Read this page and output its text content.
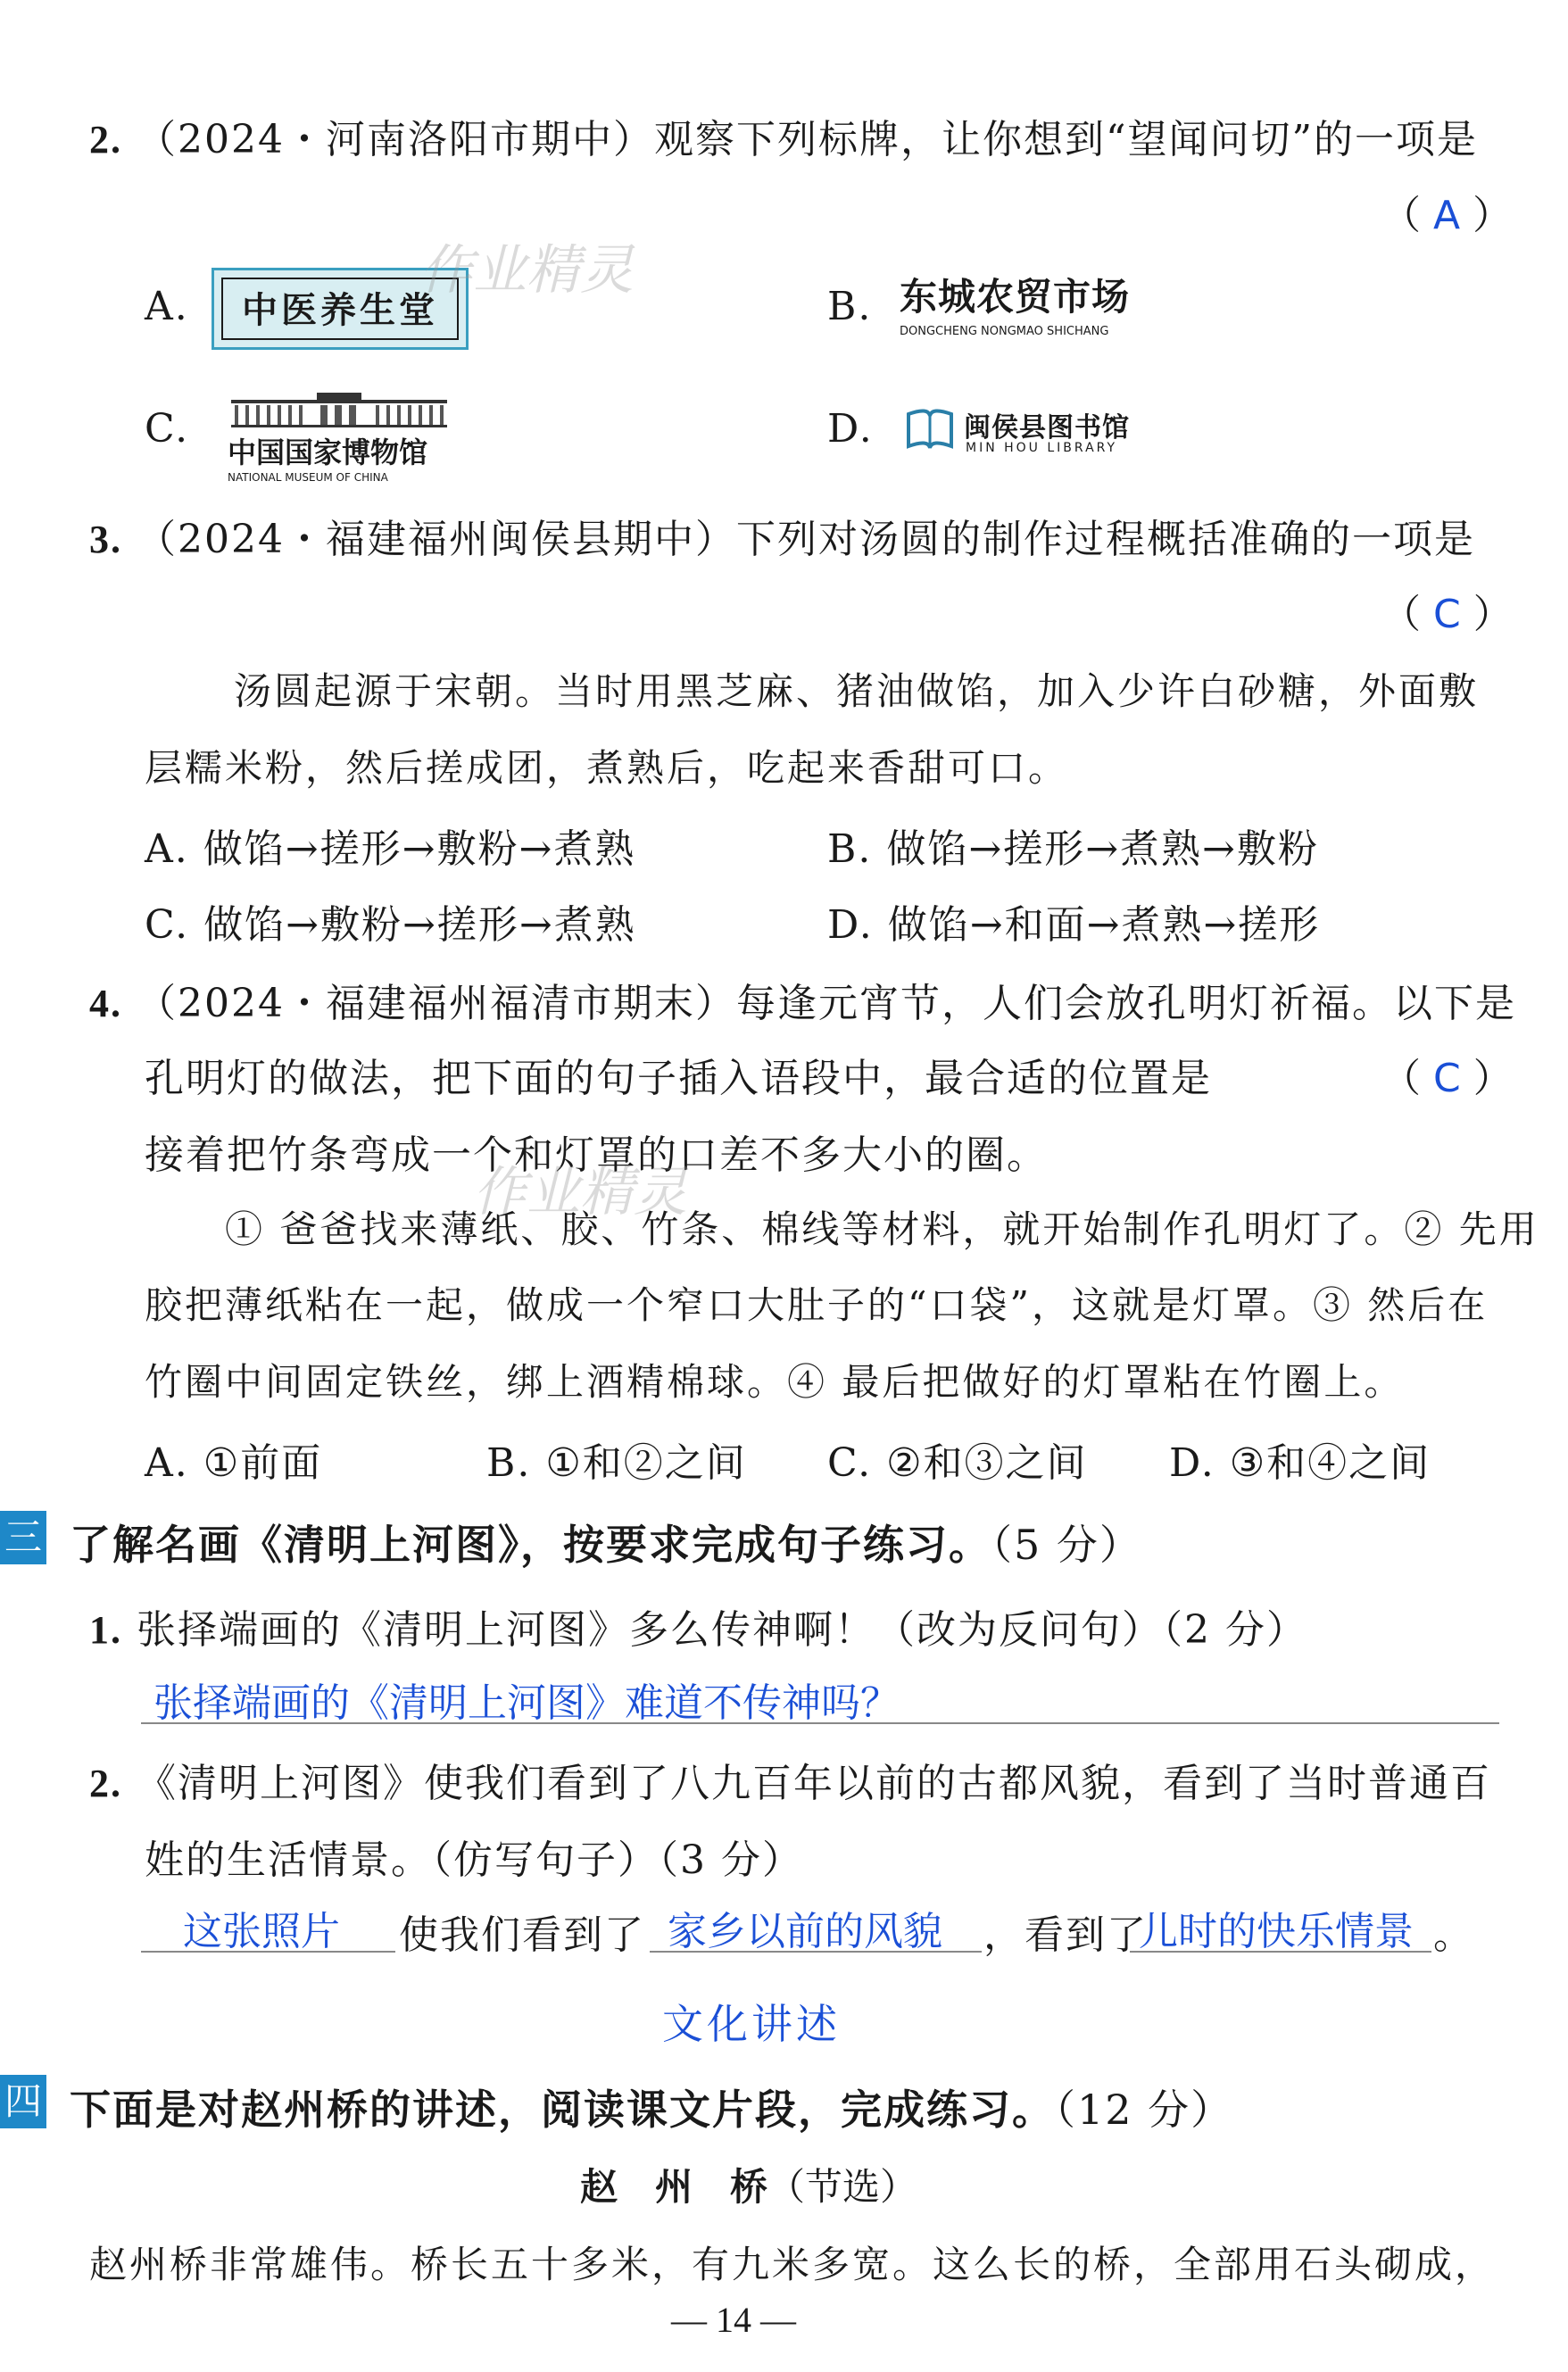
2. （2024・河南洛阳市期中）观察下列标牌，让你想到“望闻问切”的一项是
（ A ）
A.	中医养生堂	B. 东城农贸市场
DONGCHENG NONGMAO SHICHANG
C.
中国国家博物馆
NATIONAL MUSEUM OF CHINA
D.	闽侯县图书馆
MIN HOU LIBRARY
3. （2024・福建福州闽侯县期中）下列对汤圆的制作过程概括准确的一项是
（ C ）
汤圆起源于宋朝。当时用黑芝麻、猪油做馅，加入少许白砂糖，外面敷
层糯米粉，然后搓成团，煮熟后，吃起来香甜可口。
A. 做馅→搓形→敷粉→煮熟	B. 做馅→搓形→煮熟→敷粉
C. 做馅→敷粉→搓形→煮熟	D. 做馅→和面→煮熟→搓形
4. （2024・福建福州福清市期末）每逢元宵节，人们会放孔明灯祈福。以下是
孔明灯的做法，把下面的句子插入语段中，最合适的位置是	（ C ）
接着把竹条弯成一个和灯罩的口差不多大小的圈。
① 爸爸找来薄纸、胶、竹条、棉线等材料，就开始制作孔明灯了。② 先用
胶把薄纸粘在一起，做成一个窄口大肚子的“口袋”，这就是灯罩。③ 然后在
竹圈中间固定铁丝，绑上酒精棉球。④ 最后把做好的灯罩粘在竹圈上。
A. ①前面	B. ①和②之间 C. ②和③之间 D. ③和④之间
三 了解名画《清明上河图》，按要求完成句子练习。（5 分）
1. 张择端画的《清明上河图》多么传神啊！（改为反问句）（2 分）
张择端画的《清明上河图》难道不传神吗？
2. 《清明上河图》使我们看到了八九百年以前的古都风貌，看到了当时普通百
姓的生活情景。（仿写句子）（3 分）
这张照片 使我们看到了 家乡以前的风貌 ，看到了
儿时的快乐情景 。
文化讲述
四 下面是对赵州桥的讲述，阅读课文片段，完成练习。（12 分）
赵　州　桥（节选）
赵州桥非常雄伟。桥长五十多米，有九米多宽。这么长的桥，全部用石头砌成，
— 14 —
作业精灵
作业精灵
